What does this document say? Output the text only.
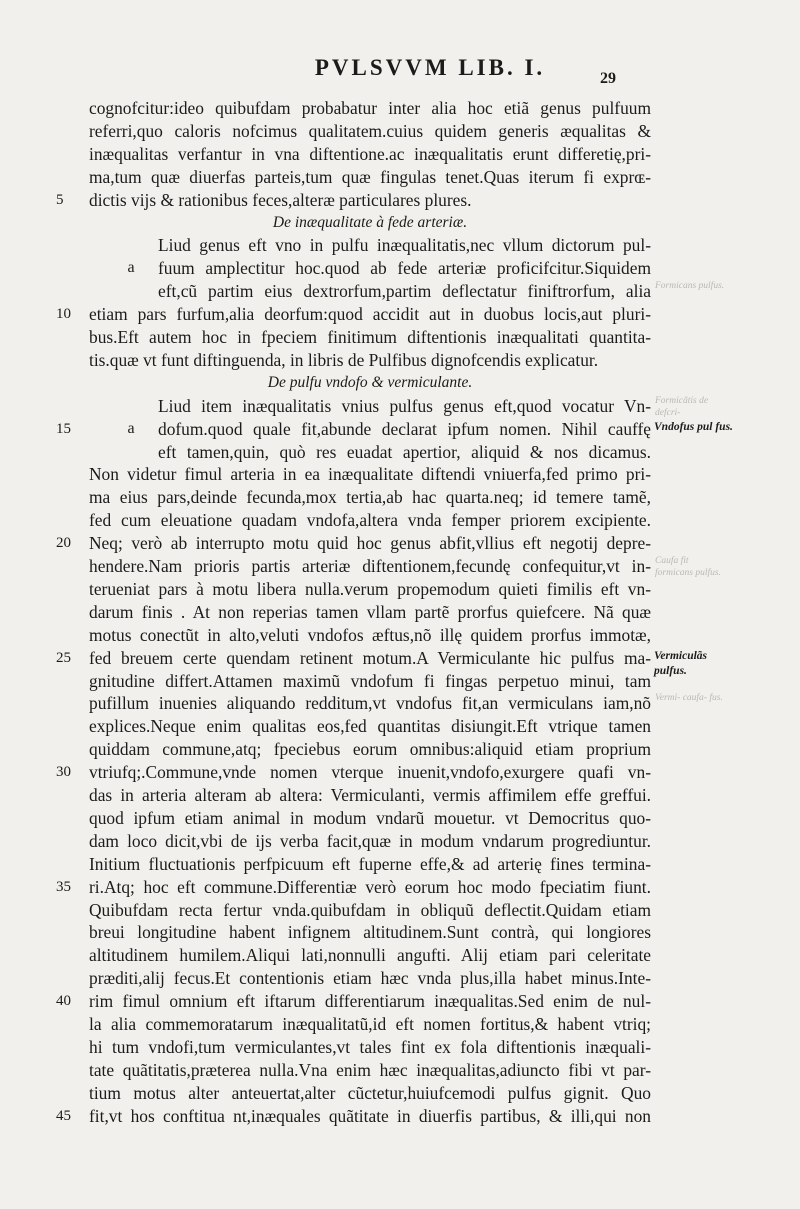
PVLSVVM LIB. I.	29
cognofcitur:ideo quibufdam probabatur inter alia hoc etiã genus pulfuum
referri,quo caloris nofcimus qualitatem.cuius quidem generis æqualitas &
inæqualitas verfantur in vna diftentione.ac inæqualitatis erunt differetię,pri-
ma,tum quæ diuerfas parteis,tum quæ fingulas tenet.Quas iterum fi exprɶ-
dictis vijs & rationibus feces,alteræ particulares plures.
5
De inæqualitate à fede arteriæ.
Liud genus eft vno in pulfu inæqualitatis,nec vllum dictorum pul-
fuum amplectitur hoc.quod ab fede arteriæ proficifcitur.Siquidem
a
eft,cũ partim eius dextrorfum,partim deflectatur finiftrorfum, alia
etiam pars furfum,alia deorfum:quod accidit aut in duobus locis,aut pluri-
10
bus.Eft autem hoc in fpeciem finitimum diftentionis inæqualitati quantita-
tis.quæ vt funt diftinguenda, in libris de Pulfibus dignofcendis explicatur.
De pulfu vndofo & vermiculante.
Liud item inæqualitatis vnius pulfus genus eft,quod vocatur Vn-
dofum.quod quale fit,abunde declarat ipfum nomen. Nihil cauffę
15	a
eft tamen,quin, quò res euadat apertior, aliquid & nos dicamus.
Non videtur fimul arteria in ea inæqualitate diftendi vniuerfa,fed primo pri-
ma eius pars,deinde fecunda,mox tertia,ab hac quarta.neq; id temere tamẽ,
fed cum eleuatione quadam vndofa,altera vnda femper priorem excipiente.
Neq; verò ab interrupto motu quid hoc genus abfit,vllius eft negotij depre-
20
hendere.Nam prioris partis arteriæ diftentionem,fecundę confequitur,vt in-
terueniat pars à motu libera nulla.verum propemodum quieti fimilis eft vn-
darum finis . At non reperias tamen vllam partẽ prorfus quiefcere. Nã quæ
motus conectũt in alto,veluti vndofos æftus,nõ illę quidem prorfus immotæ,
fed breuem certe quendam retinent motum.A Vermiculante hic pulfus ma-
25
gnitudine differt.Attamen maximũ vndofum fi fingas perpetuo minui, tam
pufillum inuenies aliquando redditum,vt vndofus fit,an vermiculans iam,nõ
explices.Neque enim qualitas eos,fed quantitas disiungit.Eft vtrique tamen
quiddam commune,atq; fpeciebus eorum omnibus:aliquid etiam proprium
vtriufq;.Commune,vnde nomen vterque inuenit,vndofo,exurgere quafi vn-
30
das in arteria alteram ab altera: Vermiculanti, vermis affimilem effe greffui.
quod ipfum etiam animal in modum vndarũ mouetur. vt Democritus quo-
dam loco dicit,vbi de ijs verba facit,quæ in modum vndarum progrediuntur.
Initium fluctuationis perfpicuum eft fuperne effe,& ad arterię fines termina-
ri.Atq; hoc eft commune.Differentiæ verò eorum hoc modo fpeciatim fiunt.
35
Quibufdam recta fertur vnda.quibufdam in obliquũ deflectit.Quidam etiam
breui longitudine habent infignem altitudinem.Sunt contrà, qui longiores
altitudinem humilem.Aliqui lati,nonnulli angufti. Alij etiam pari celeritate
præditi,alij fecus.Et contentionis etiam hæc vnda plus,illa habet minus.Inte-
rim fimul omnium eft iftarum differentiarum inæqualitas.Sed enim de nul-
40
la alia commemoratarum inæqualitatũ,id eft nomen fortitus,& habent vtriq;
hi tum vndofi,tum vermiculantes,vt tales fint ex fola diftentionis inæquali-
tate quãtitatis,præterea nulla.Vna enim hæc inæqualitas,adiuncto fibi vt par-
tium motus alter anteuertat,alter cũctetur,huiufcemodi pulfus gignit. Quo
fit,vt hos conftitua nt,inæquales quãtitate in diuerfis partibus, & illi,qui non
45
Vndofus pul fus.
Vermiculãs pulfus.
Formicans pulfus.
Formicãtis de defcri-
Caufa fit formicans pulfus.
Vermi- caufa- fus.
